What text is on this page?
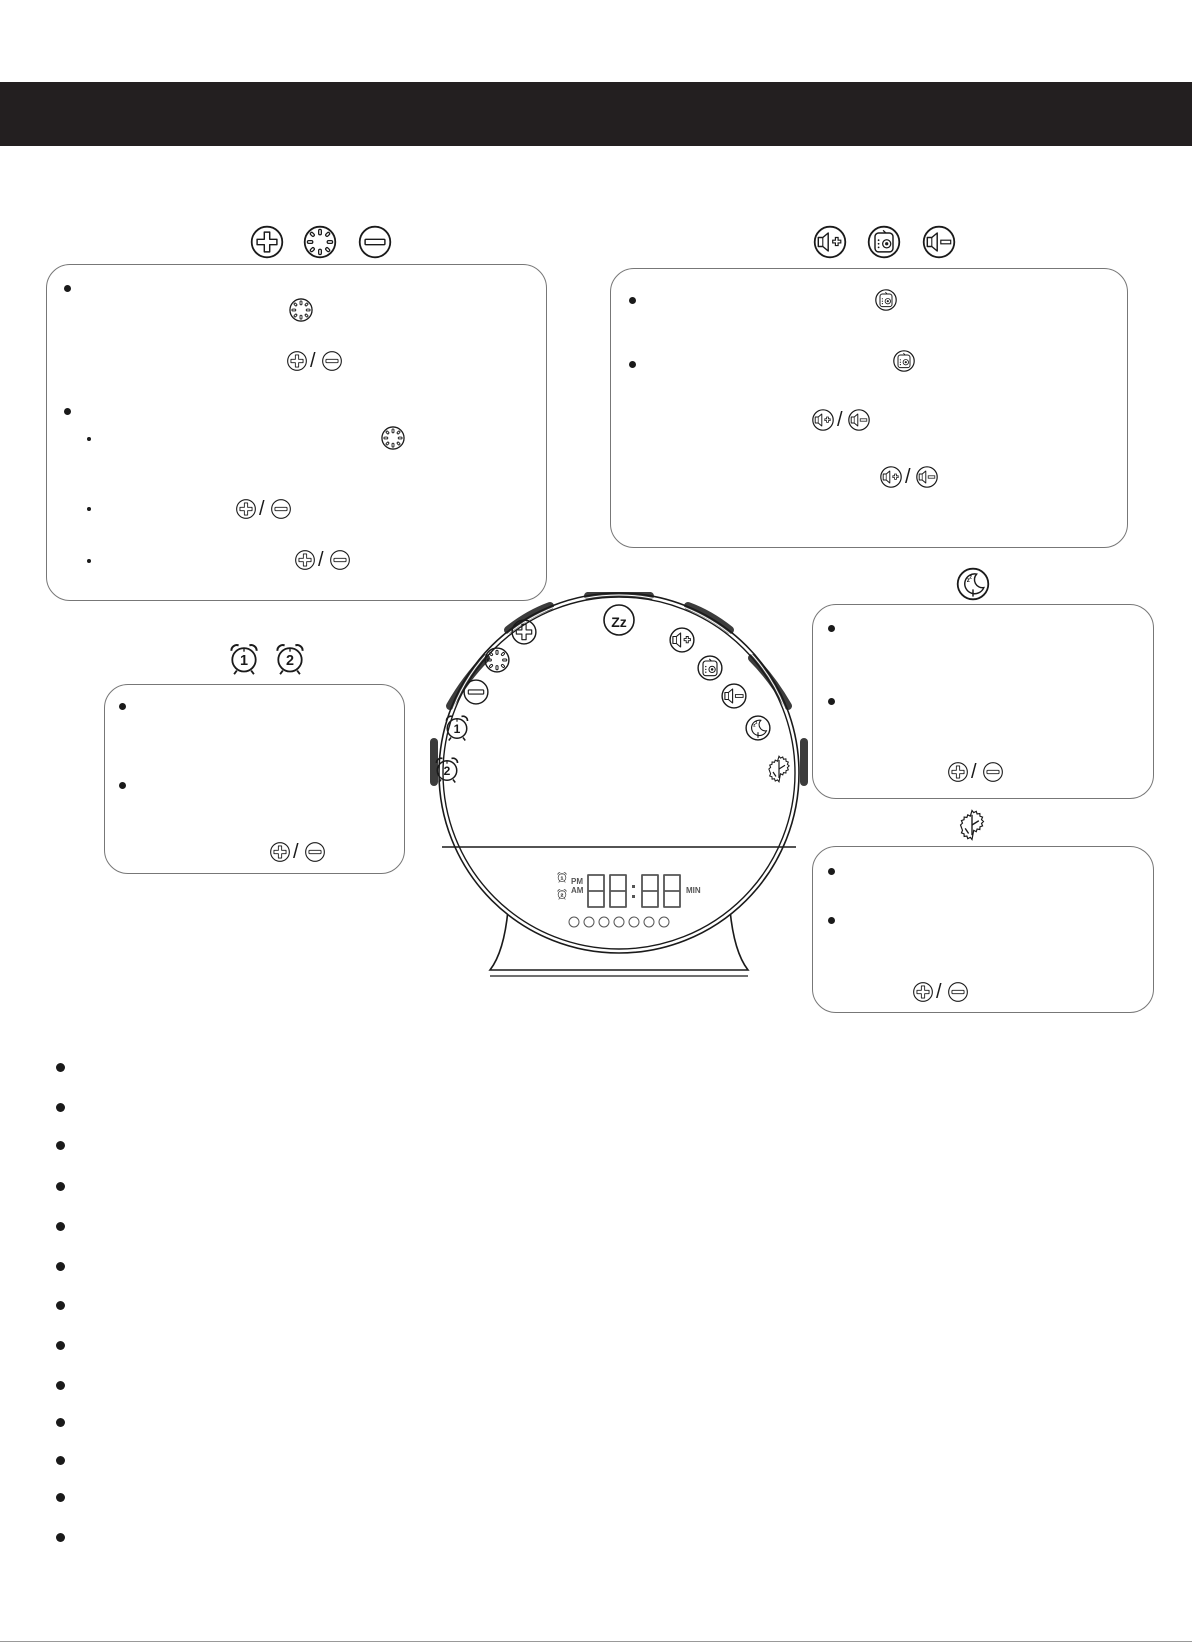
/
/
/
/
/
/
/
/
Zz
PM
AM	MIN
